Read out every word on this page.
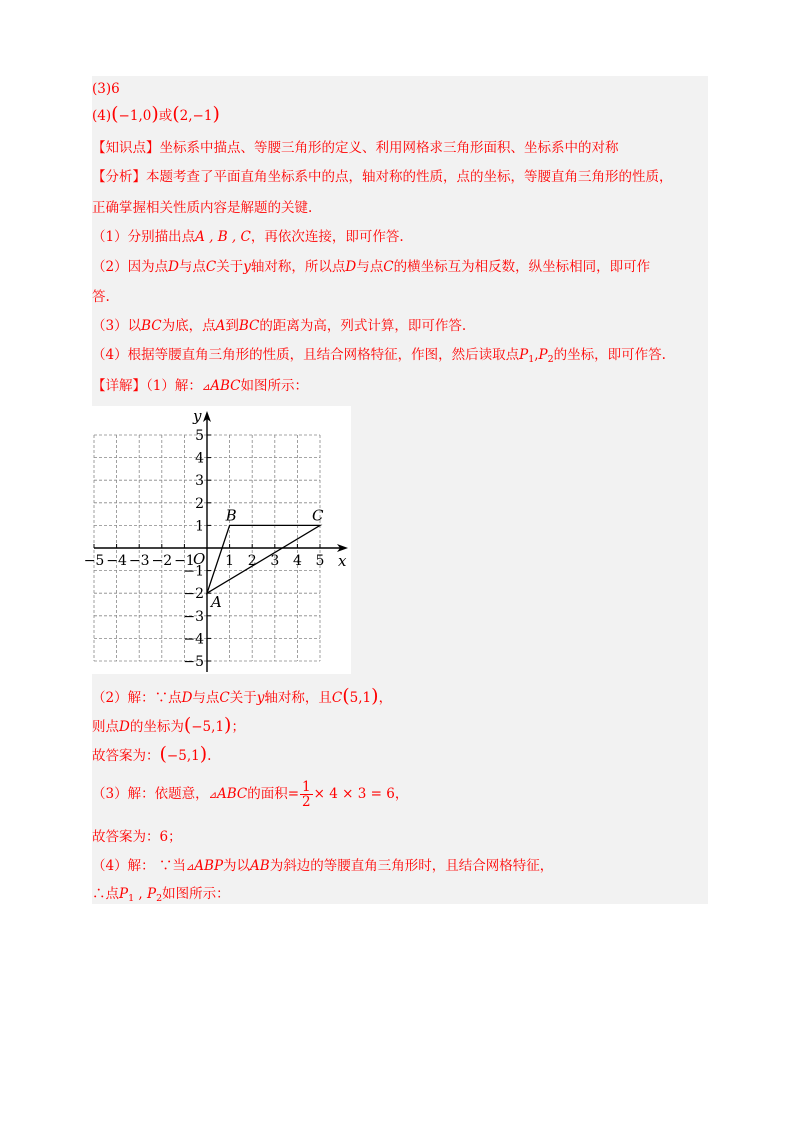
(3)6
(4)(−1,0)或(2,−1)
【知识点】坐标系中描点、等腰三角形的定义、利用网格求三角形面积、坐标系中的对称
【分析】本题考查了平面直角坐标系中的点，轴对称的性质，点的坐标，等腰直角三角形的性质，
正确掌握相关性质内容是解题的关键.
（1）分别描出点A , B , C，再依次连接，即可作答.
（2）因为点D与点C关于y轴对称，所以点D与点C的横坐标互为相反数，纵坐标相同，即可作
答.
（3）以BC为底，点A到BC的距离为高，列式计算，即可作答.
（4）根据等腰直角三角形的性质，且结合网格特征，作图，然后读取点$P_1,P_2$的坐标，即可作答.
【详解】（1）解：⊿ABC如图所示：
−5 −4 −3 −2 −1 1 2 3 4 5
5
4
3
2
1
−1
−2
−3
−4
−5
A
B	C
x
y
O
（2）解：∵点D与点C关于y轴对称，且C(5,1)，
则点D的坐标为(−5,1)；
故答案为：(−5,1).
（3）解：依题意，⊿ABC的面积= $\frac{1}{2} \times 4 \times 3 = 6$，
故答案为：6；
（4）解： ∵当⊿ABP为以AB为斜边的等腰直角三角形时，且结合网格特征，
∴点$P_1$ , $P_2$如图所示：
